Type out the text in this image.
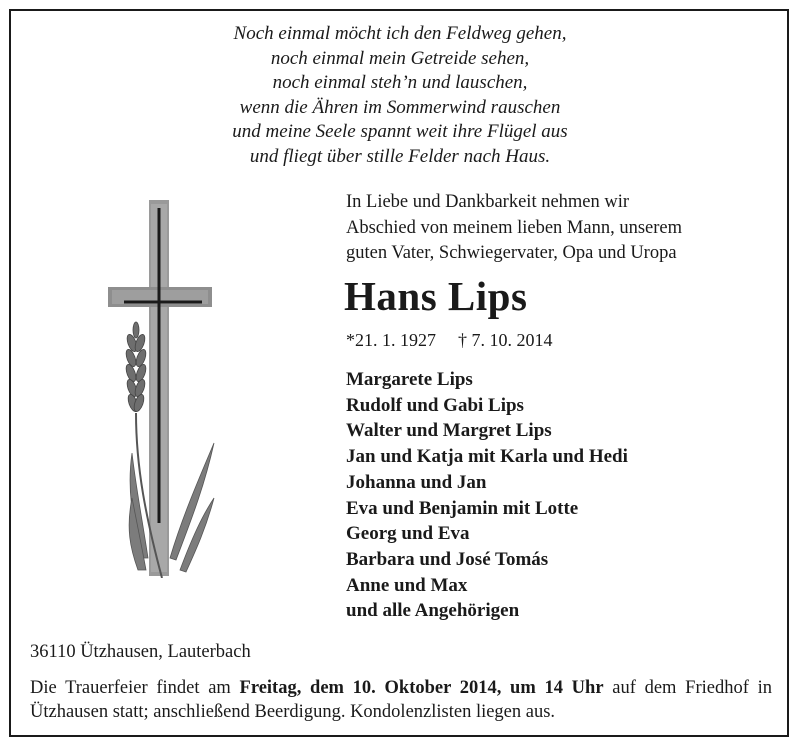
Noch einmal möcht ich den Feldweg gehen,
noch einmal mein Getreide sehen,
noch einmal steh’n und lauschen,
wenn die Ähren im Sommerwind rauschen
und meine Seele spannt weit ihre Flügel aus
und fliegt über stille Felder nach Haus.
In Liebe und Dankbarkeit nehmen wir
Abschied von meinem lieben Mann, unserem
guten Vater, Schwiegervater, Opa und Uropa
Hans Lips
*21. 1. 1927 † 7. 10. 2014
Margarete Lips
Rudolf und Gabi Lips
Walter und Margret Lips
Jan und Katja mit Karla und Hedi
Johanna und Jan
Eva und Benjamin mit Lotte
Georg und Eva
Barbara und José Tomás
Anne und Max
und alle Angehörigen
36110 Ützhausen, Lauterbach
Die Trauerfeier findet am Freitag, dem 10. Oktober 2014, um 14 Uhr auf dem Friedhof in Ützhausen statt; anschließend Beerdigung. Kondolenzlisten liegen aus.
